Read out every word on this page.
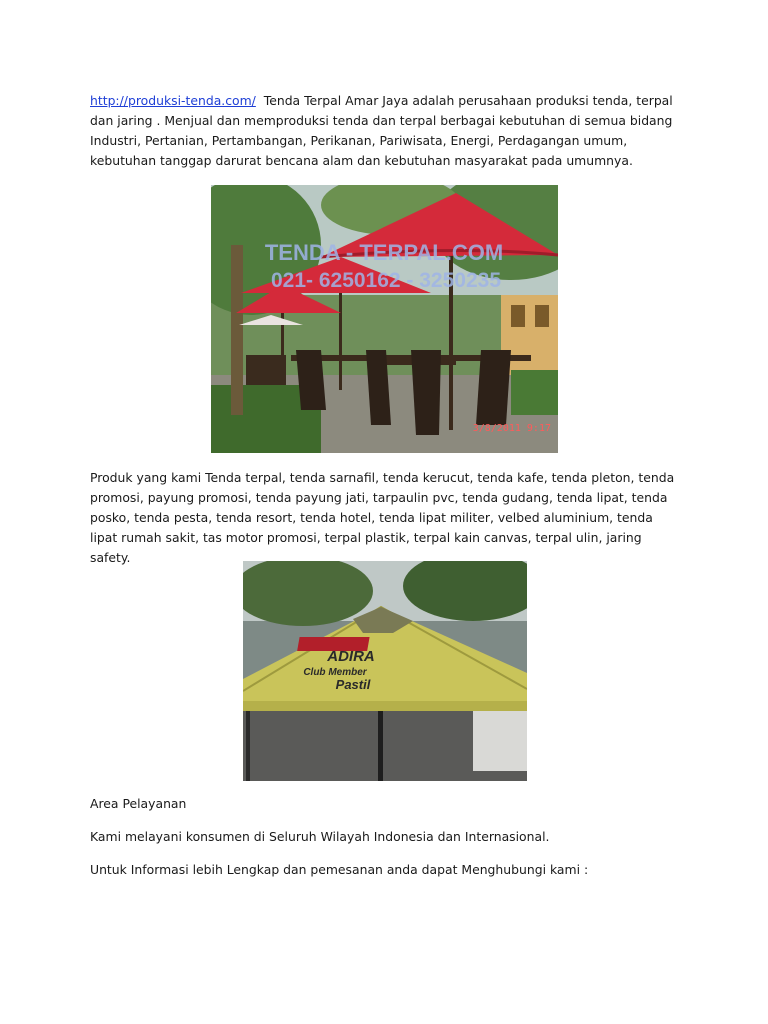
http://produksi-tenda.com/ Tenda Terpal Amar Jaya adalah perusahaan produksi tenda, terpal dan jaring . Menjual dan memproduksi tenda dan terpal berbagai kebutuhan di semua bidang Industri, Pertanian, Pertambangan, Perikanan, Pariwisata, Energi, Perdagangan umum, kebutuhan tanggap darurat bencana alam dan kebutuhan masyarakat pada umumnya.

TENDA - TERPAL.COM
021- 6250162 - 3250235
3/8/2011 9:17

Produk yang kami Tenda terpal, tenda sarnafil, tenda kerucut, tenda kafe, tenda pleton, tenda promosi, payung promosi, tenda payung jati, tarpaulin pvc, tenda gudang, tenda lipat, tenda posko, tenda pesta, tenda resort, tenda hotel, tenda lipat militer, velbed aluminium, tenda lipat rumah sakit, tas motor promosi, terpal plastik, terpal kain canvas, terpal ulin, jaring safety.

ADIRA
Club Member
Pastil

Area Pelayanan

Kami melayani konsumen di Seluruh Wilayah Indonesia dan Internasional.

Untuk Informasi lebih Lengkap dan pemesanan anda dapat Menghubungi kami :
